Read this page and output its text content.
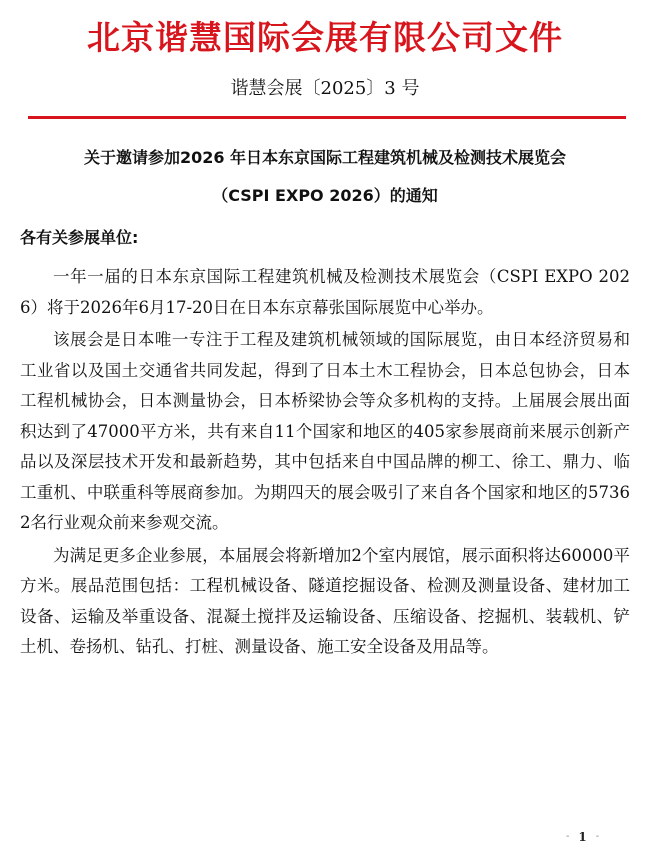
北京谐慧国际会展有限公司文件
谐慧会展〔2025〕3 号
关于邀请参加2026 年日本东京国际工程建筑机械及检测技术展览会
（CSPI EXPO 2026）的通知
各有关参展单位:

一年一届的日本东京国际工程建筑机械及检测技术展览会（CSPI EXPO 2026）将于2026年6月17-20日在日本东京幕张国际展览中心举办。

该展会是日本唯一专注于工程及建筑机械领域的国际展览，由日本经济贸易和工业省以及国土交通省共同发起，得到了日本土木工程协会，日本总包协会，日本工程机械协会，日本测量协会，日本桥梁协会等众多机构的支持。上届展会展出面积达到了47000平方米，共有来自11个国家和地区的405家参展商前来展示创新产品以及深层技术开发和最新趋势，其中包括来自中国品牌的柳工、徐工、鼎力、临工重机、中联重科等展商参加。为期四天的展会吸引了来自各个国家和地区的57362名行业观众前来参观交流。

为满足更多企业参展，本届展会将新增加2个室内展馆，展示面积将达60000平方米。展品范围包括：工程机械设备、隧道挖掘设备、检测及测量设备、建材加工设备、运输及举重设备、混凝土搅拌及运输设备、压缩设备、挖掘机、装载机、铲土机、卷扬机、钻孔、打桩、测量设备、施工安全设备及用品等。

- 1 -
